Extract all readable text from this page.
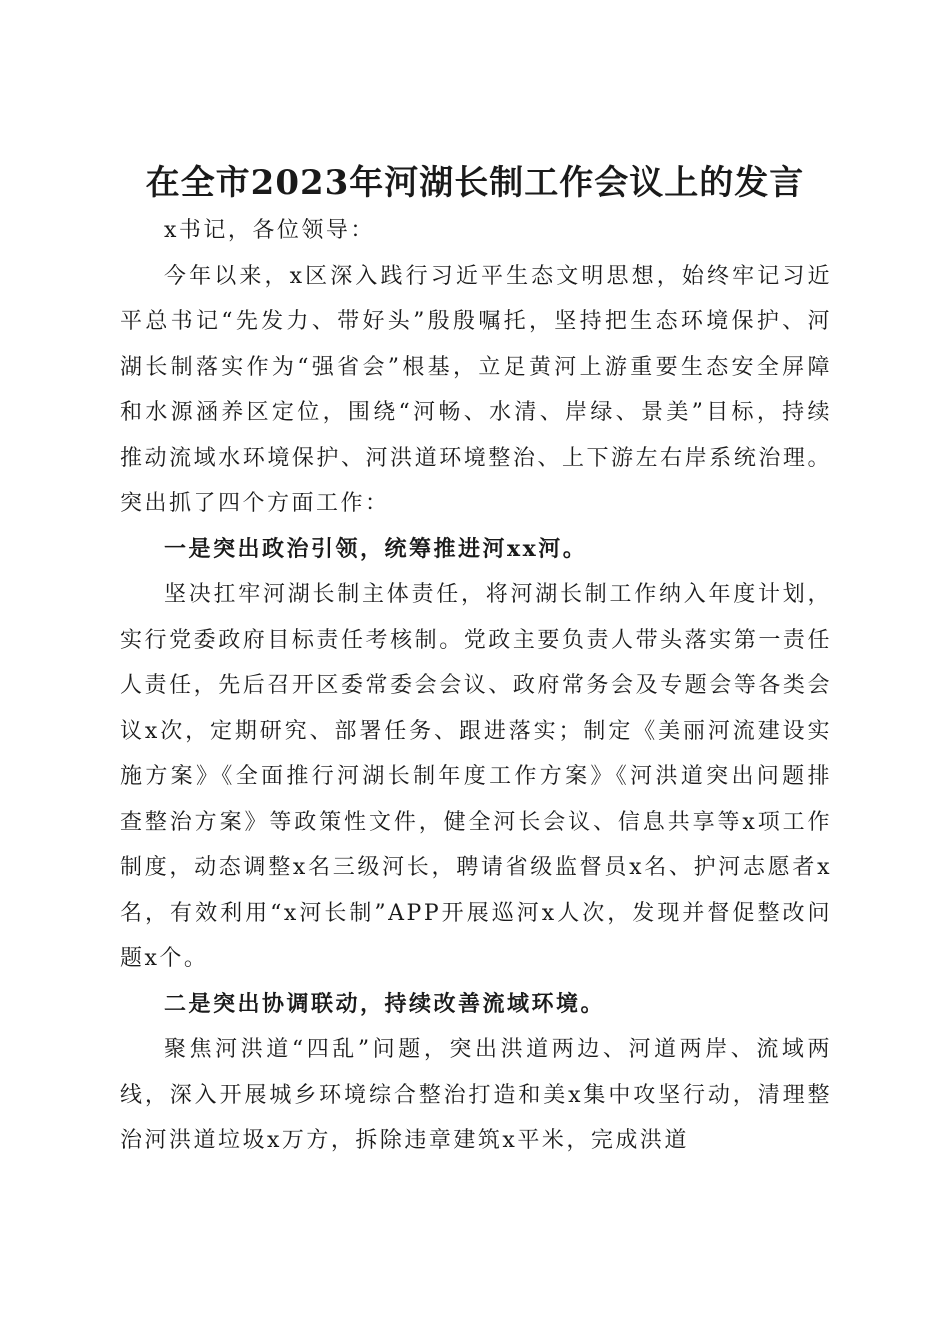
在全市2023年河湖长制工作会议上的发言

x书记，各位领导：

今年以来，x区深入践行习近平生态文明思想，始终牢记习近平总书记“先发力、带好头”殷殷嘱托，坚持把生态环境保护、河湖长制落实作为“强省会”根基，立足黄河上游重要生态安全屏障和水源涵养区定位，围绕“河畅、水清、岸绿、景美”目标，持续推动流域水环境保护、河洪道环境整治、上下游左右岸系统治理。突出抓了四个方面工作：

一是突出政治引领，统筹推进河xx河。

坚决扛牢河湖长制主体责任，将河湖长制工作纳入年度计划，实行党委政府目标责任考核制。党政主要负责人带头落实第一责任人责任，先后召开区委常委会会议、政府常务会及专题会等各类会议x次，定期研究、部署任务、跟进落实；制定《美丽河流建设实施方案》《全面推行河湖长制年度工作方案》《河洪道突出问题排查整治方案》等政策性文件，健全河长会议、信息共享等x项工作制度，动态调整x名三级河长，聘请省级监督员x名、护河志愿者x名，有效利用“x河长制”APP开展巡河x人次，发现并督促整改问题x个。

二是突出协调联动，持续改善流域环境。

聚焦河洪道“四乱”问题，突出洪道两边、河道两岸、流域两线，深入开展城乡环境综合整治打造和美x集中攻坚行动，清理整治河洪道垃圾x万方，拆除违章建筑x平米，完成洪道
